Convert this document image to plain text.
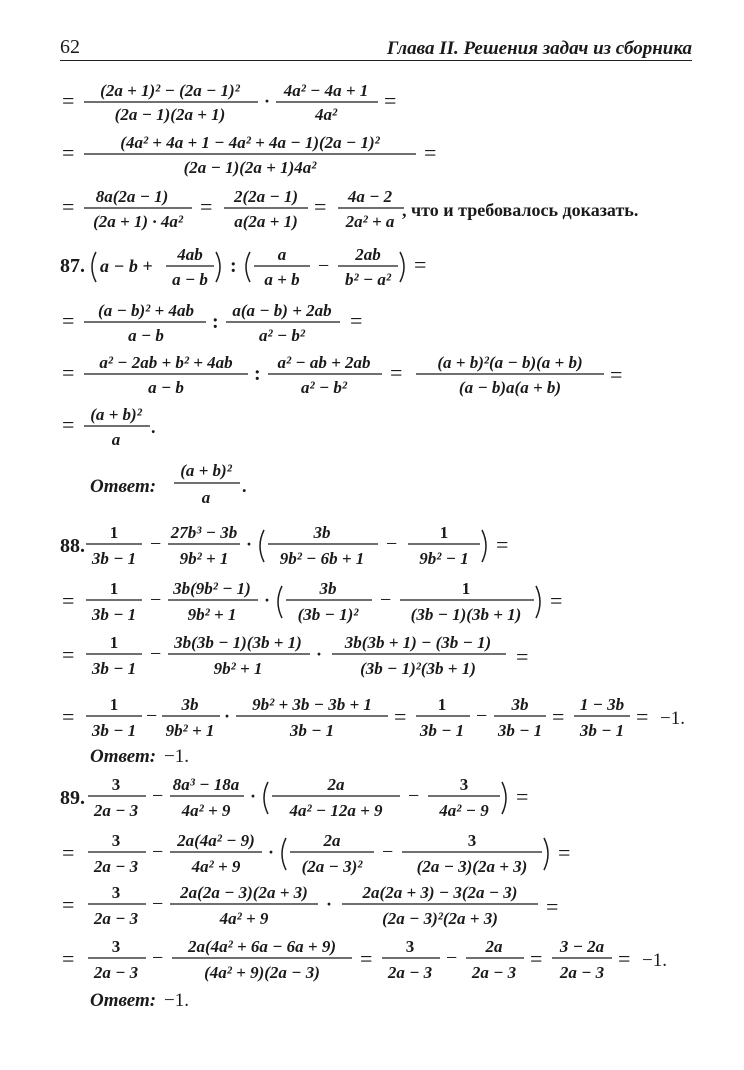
62	Глава II. Решения задач из сборника
= (2a + 1)² − (2a − 1)²
(2a − 1)(2a + 1)
·
4a² − 4a + 1
4a²
=
=	(4a² + 4a + 1 − 4a² + 4a − 1)(2a − 1)²
(2a − 1)(2a + 1)4a²
=
= 8a(2a − 1)
(2a + 1) · 4a²
= 2(2a − 1)
a(2a + 1)
= 4a − 2
2a² + a
, что и требовалось доказать.
87. a − b +
4ab
a − b
:
a
a + b
−
2ab
b² − a²
=
= (a − b)² + 4ab
a − b
:
a(a − b) + 2ab
a² − b²
=
= a² − 2ab + b² + 4ab
a − b
:
a² − ab + 2ab
a² − b²
= (a + b)²(a − b)(a + b)
(a − b)a(a + b)
=
= (a + b)²
a
.
Ответ:
(a + b)²
a
.
88.
1
3b − 1
−
27b³ − 3b
9b² + 1
·
3b
9b² − 6b + 1
−
1
9b² − 1
=
= 1
3b − 1
−
3b(9b² − 1)
9b² + 1
·
3b
(3b − 1)²
−
1
(3b − 1)(3b + 1)
=
= 1
3b − 1
−
3b(3b − 1)(3b + 1)
9b² + 1
·
3b(3b + 1) − (3b − 1)
(3b − 1)²(3b + 1) =
= 1
3b − 1
−
3b
9b² + 1
·
9b² + 3b − 3b + 1
3b − 1
= 1
3b − 1
−
3b
3b − 1
= 1 − 3b
3b − 1
= −1.
Ответ: −1.
89.
3
2a − 3
−
8a³ − 18a
4a² + 9
·
2a
4a² − 12a + 9
−
3
4a² − 9
=
= 3
2a − 3
−
2a(4a² − 9)
4a² + 9
·
2a
(2a − 3)²
−
3
(2a − 3)(2a + 3)
=
= 3
2a − 3
−
2a(2a − 3)(2a + 3)
4a² + 9
·
2a(2a + 3) − 3(2a − 3)
(2a − 3)²(2a + 3) =
= 3
2a − 3
−
2a(4a² + 6a − 6a + 9)
(4a² + 9)(2a − 3)
= 3
2a − 3
−
2a
2a − 3
= 3 − 2a
2a − 3
= −1.
Ответ: −1.
